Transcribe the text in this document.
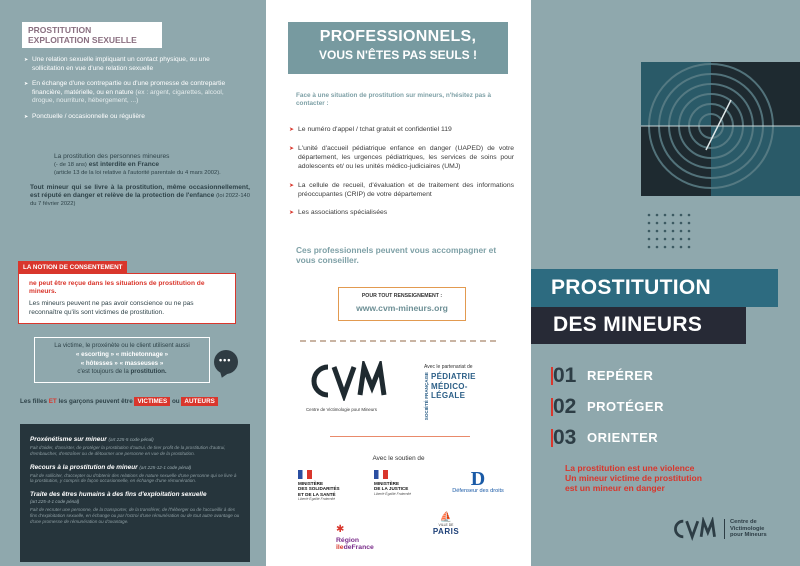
PROSTITUTION
EXPLOITATION SEXUELLE
➤ Une relation sexuelle impliquant un contact physique, ou une sollicitation en vue d'une relation sexuelle
➤ En échange d'une contrepartie ou d'une promesse de contrepartie financière, matérielle, ou en nature (ex : argent, cigarettes, alcool, drogue, nourriture, hébergement, ...)
➤ Ponctuelle / occasionnelle ou régulière
La prostitution des personnes mineures
(- de 18 ans) est interdite en France
(article 13 de la loi relative à l'autorité parentale du 4 mars 2002).
Tout mineur qui se livre à la prostitution, même occasionnellement, est réputé en danger et relève de la protection de l'enfance (loi 2022-140 du 7 février 2022)
LA NOTION DE CONSENTEMENT
ne peut être reçue dans les situations de prostitution de mineurs.
Les mineurs peuvent ne pas avoir conscience ou ne pas reconnaître qu'ils sont victimes de prostitution.
La victime, le proxénète ou le client utilisent aussi
« escorting » « michetonnage »
« hôtesses » « masseuses »
c'est toujours de la prostitution.
•••
Les filles ET les garçons peuvent être VICTIMES ou AUTEURS
Proxénétisme sur mineur (art 225-5 code pénal)
Fait d'aider, d'assister, de protéger la prostitution d'autrui, de tirer profit de la prostitution d'autrui, d'embaucher, d'entraîner ou de détourner une personne en vue de la prostitution.
Recours à la prostitution de mineur (art 225-12-1 code pénal)
Fait de solliciter, d'accepter ou d'obtenir des relations de nature sexuelle d'une personne qui se livre à la prostitution, y compris de façon occasionnelle, en échange d'une rémunération.
Traite des êtres humains à des fins d'exploitation sexuelle
(art 225-4-1 code pénal)
Fait de recruter une personne, de la transporter, de la transférer, de l'héberger ou de l'accueillir à des fins d'exploitation sexuelle, en échange ou par l'octroi d'une rémunération ou de tout autre avantage ou d'une promesse de rémunération ou d'avantage.
PROFESSIONNELS,
VOUS N'ÊTES PAS SEULS !
Face à une situation de prostitution sur mineurs, n'hésitez pas à contacter :
➤ Le numéro d'appel / tchat gratuit et confidentiel 119
➤ L'unité d'accueil pédiatrique enfance en danger (UAPED) de votre département, les urgences pédiatriques, les services de soins pour adolescents et/ ou les unités médico-judiciaires (UMJ)
➤ La cellule de recueil, d'évaluation et de traitement des informations préoccupantes (CRIP) de votre département
➤ Les associations spécialisées
Ces professionnels peuvent vous accompagner et vous conseiller.
POUR TOUT RENSEIGNEMENT :
www.cvm-mineurs.org
Centre de Victimologie pour Mineurs
Avec le partenariat de
SOCIÉTÉ FRANÇAISE PÉDIATRIE
MÉDICO-
LÉGALE
Avec le soutien de
MINISTÈRE
DES SOLIDARITÉS
ET DE LA SANTÉ
Liberté Égalité Fraternité
MINISTÈRE
DE LA JUSTICE
Liberté Égalité Fraternité
D
Défenseur des droits
✱
Région
îledeFrance
⛵
VILLE DE
PARIS
PROSTITUTION
DES MINEURS
01 REPÉRER
02 PROTÉGER
03 ORIENTER
La prostitution est une violence
Un mineur victime de prostitution
est un mineur en danger
Centre de
Victimologie
pour Mineurs
